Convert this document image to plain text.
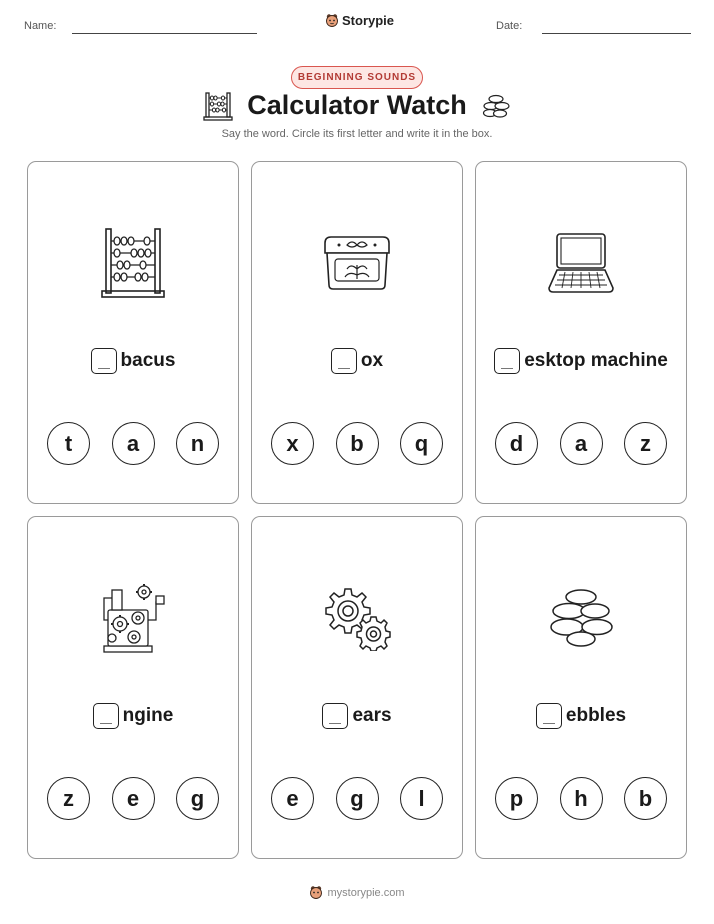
Name:	Storypie	Date:
BEGINNING SOUNDS
Calculator Watch
Say the word. Circle its first letter and write it in the box.
bacus
t	a	n
ox
x	b	q
esktop machine
d	a	z
ngine
z	e	g
ears
e	g	l
ebbles
p	h	b
mystorypie.com
